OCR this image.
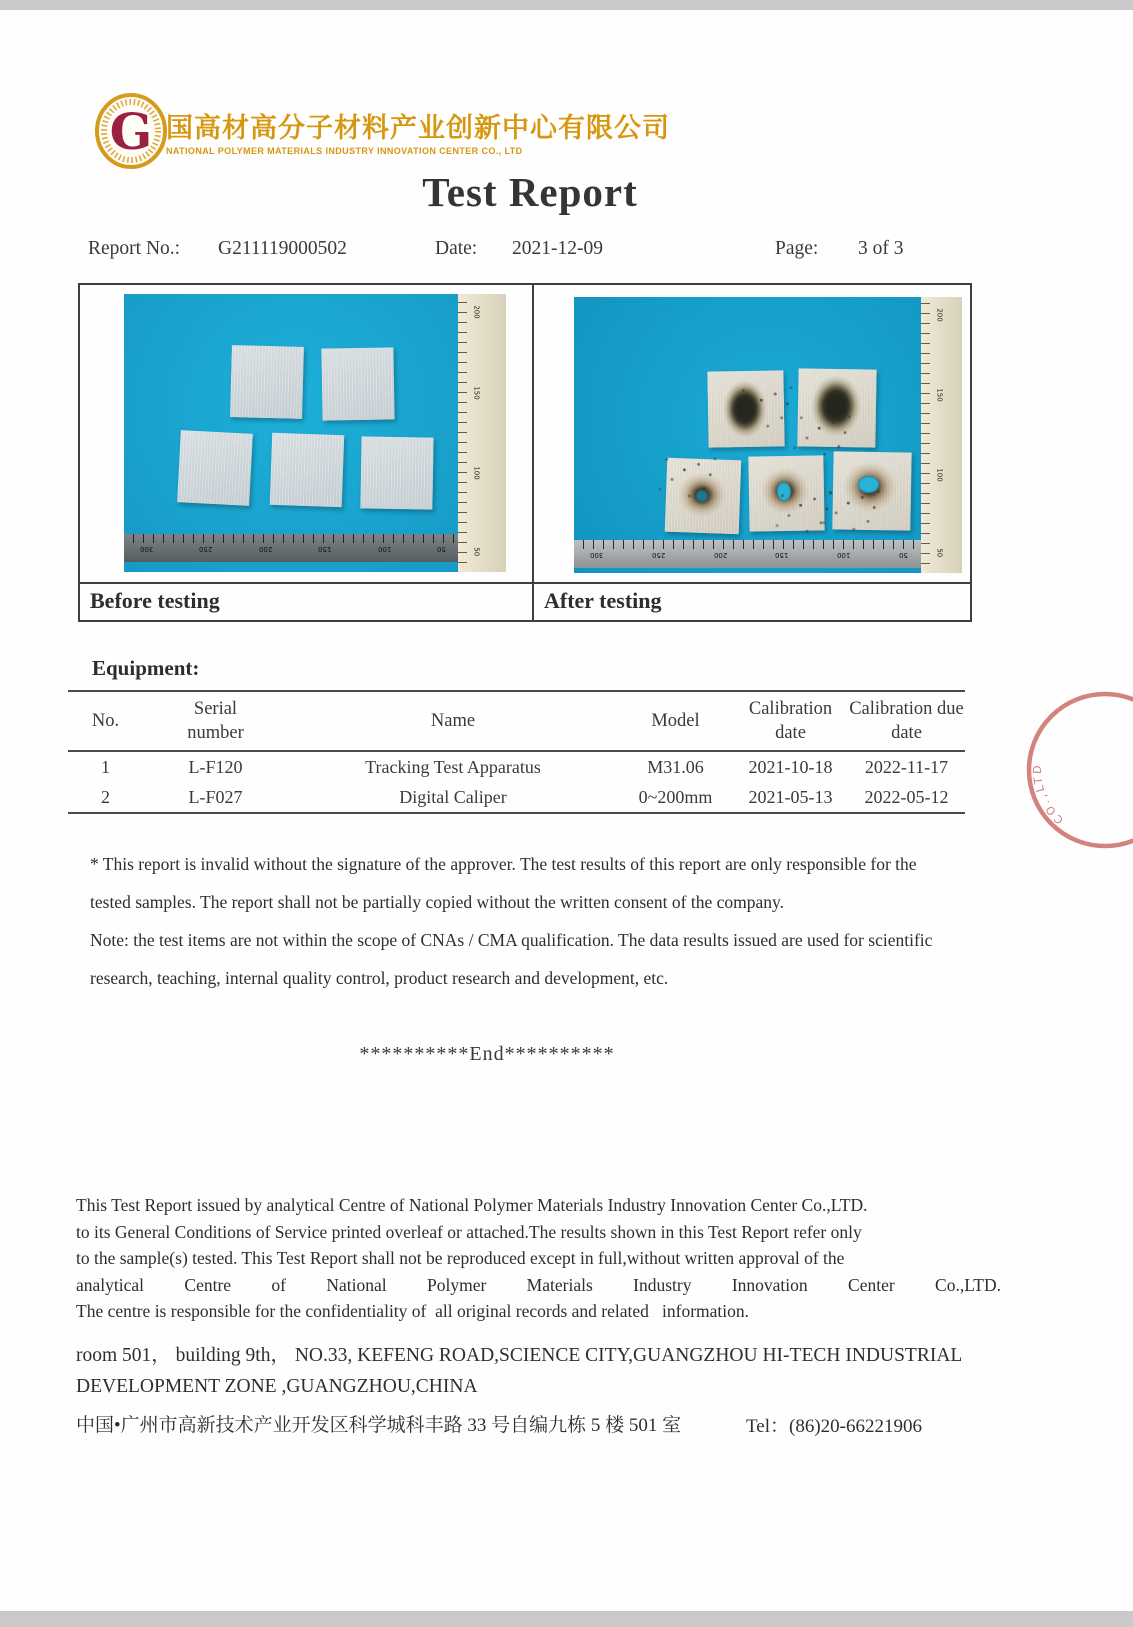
G 国高材高分子材料产业创新中心有限公司
NATIONAL POLYMER MATERIALS INDUSTRY INNOVATION CENTER CO., LTD
Test Report
Report No.: G211119000502	Date: 2021-12-09	Page: 3 of 3
300	250	200	150	100	50
200
150
100
50	300	250	200	150	100	50
200
150
100
50
Before testing	After testing
Equipment:
No.	Serial number	Name	Model	Calibration date	Calibration due date
1	L-F120	Tracking Test Apparatus	M31.06	2021-10-18	2022-11-17
2	L-F027	Digital Caliper	0~200mm	2021-05-13	2022-05-12
CO.,LTD

* This report is invalid without the signature of the approver. The test results of this report are only responsible for the tested samples. The report shall not be partially copied without the written consent of the company.

Note: the test items are not within the scope of CNAs / CMA qualification. The data results issued are used for scientific research, teaching, internal quality control, product research and development, etc.

**********End**********
This Test Report issued by analytical Centre of National Polymer Materials Industry Innovation Center Co.,LTD.
to its General Conditions of Service printed overleaf or attached.The results shown in this Test Report refer only
to the sample(s) tested. This Test Report shall not be reproduced except in full,without written approval of the
analytical Centre of National Polymer Materials Industry Innovation Center Co.,LTD.
The centre is responsible for the confidentiality of  all original records and related   information.
room 501， building 9th， NO.33, KEFENG ROAD,SCIENCE CITY,GUANGZHOU HI-TECH INDUSTRIAL
DEVELOPMENT ZONE ,GUANGZHOU,CHINA
中国•广州市高新技术产业开发区科学城科丰路 33 号自编九栋 5 楼 501 室	Tel：(86)20-66221906
